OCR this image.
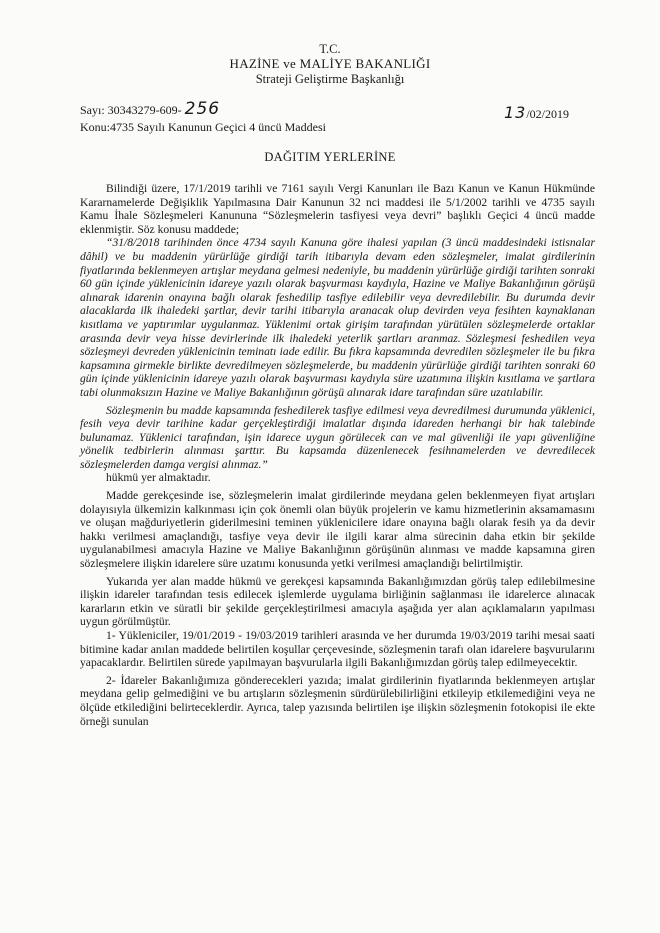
T.C.
HAZİNE ve MALİYE BAKANLIĞI
Strateji Geliştirme Başkanlığı
Sayı: 30343279-609- 256	13/02/2019
Konu:4735 Sayılı Kanunun Geçici 4 üncü Maddesi
DAĞITIM YERLERİNE

Bilindiği üzere, 17/1/2019 tarihli ve 7161 sayılı Vergi Kanunları ile Bazı Kanun ve Kanun Hükmünde Kararnamelerde Değişiklik Yapılmasına Dair Kanunun 32 nci maddesi ile 5/1/2002 tarihli ve 4735 sayılı Kamu İhale Sözleşmeleri Kanununa “Sözleşmelerin tasfiyesi veya devri” başlıklı Geçici 4 üncü madde eklenmiştir. Söz konusu maddede;

“31/8/2018 tarihinden önce 4734 sayılı Kanuna göre ihalesi yapılan (3 üncü maddesindeki istisnalar dâhil) ve bu maddenin yürürlüğe girdiği tarih itibarıyla devam eden sözleşmeler, imalat girdilerinin fiyatlarında beklenmeyen artışlar meydana gelmesi nedeniyle, bu maddenin yürürlüğe girdiği tarihten sonraki 60 gün içinde yüklenicinin idareye yazılı olarak başvurması kaydıyla, Hazine ve Maliye Bakanlığının görüşü alınarak idarenin onayına bağlı olarak feshedilip tasfiye edilebilir veya devredilebilir. Bu durumda devir alacaklarda ilk ihaledeki şartlar, devir tarihi itibarıyla aranacak olup devirden veya fesihten kaynaklanan kısıtlama ve yaptırımlar uygulanmaz. Yüklenimi ortak girişim tarafından yürütülen sözleşmelerde ortaklar arasında devir veya hisse devirlerinde ilk ihaledeki yeterlik şartları aranmaz. Sözleşmesi feshedilen veya sözleşmeyi devreden yüklenicinin teminatı iade edilir. Bu fıkra kapsamında devredilen sözleşmeler ile bu fıkra kapsamına girmekle birlikte devredilmeyen sözleşmelerde, bu maddenin yürürlüğe girdiği tarihten sonraki 60 gün içinde yüklenicinin idareye yazılı olarak başvurması kaydıyla süre uzatımına ilişkin kısıtlama ve şartlara tabi olunmaksızın Hazine ve Maliye Bakanlığının görüşü alınarak idare tarafından süre uzatılabilir.

Sözleşmenin bu madde kapsamında feshedilerek tasfiye edilmesi veya devredilmesi durumunda yüklenici, fesih veya devir tarihine kadar gerçekleştirdiği imalatlar dışında idareden herhangi bir hak talebinde bulunamaz. Yüklenici tarafından, işin idarece uygun görülecek can ve mal güvenliği ile yapı güvenliğine yönelik tedbirlerin alınması şarttır. Bu kapsamda düzenlenecek fesihnamelerden ve devredilecek sözleşmelerden damga vergisi alınmaz.”

hükmü yer almaktadır.

Madde gerekçesinde ise, sözleşmelerin imalat girdilerinde meydana gelen beklenmeyen fiyat artışları dolayısıyla ülkemizin kalkınması için çok önemli olan büyük projelerin ve kamu hizmetlerinin aksamamasını ve oluşan mağduriyetlerin giderilmesini teminen yüklenicilere idare onayına bağlı olarak fesih ya da devir hakkı verilmesi amaçlandığı, tasfiye veya devir ile ilgili karar alma sürecinin daha etkin bir şekilde uygulanabilmesi amacıyla Hazine ve Maliye Bakanlığının görüşünün alınması ve madde kapsamına giren sözleşmelere ilişkin idarelere süre uzatımı konusunda yetki verilmesi amaçlandığı belirtilmiştir.

Yukarıda yer alan madde hükmü ve gerekçesi kapsamında Bakanlığımızdan görüş talep edilebilmesine ilişkin idareler tarafından tesis edilecek işlemlerde uygulama birliğinin sağlanması ile idarelerce alınacak kararların etkin ve süratli bir şekilde gerçekleştirilmesi amacıyla aşağıda yer alan açıklamaların yapılması uygun görülmüştür.

1- Yükleniciler, 19/01/2019 - 19/03/2019 tarihleri arasında ve her durumda 19/03/2019 tarihi mesai saati bitimine kadar anılan maddede belirtilen koşullar çerçevesinde, sözleşmenin tarafı olan idarelere başvurularını yapacaklardır. Belirtilen sürede yapılmayan başvurularla ilgili Bakanlığımızdan görüş talep edilmeyecektir.

2- İdareler Bakanlığımıza gönderecekleri yazıda; imalat girdilerinin fiyatlarında beklenmeyen artışlar meydana gelip gelmediğini ve bu artışların sözleşmenin sürdürülebilirliğini etkileyip etkilemediğini veya ne ölçüde etkilediğini belirteceklerdir. Ayrıca, talep yazısında belirtilen işe ilişkin sözleşmenin fotokopisi ile ekte örneği sunulan
